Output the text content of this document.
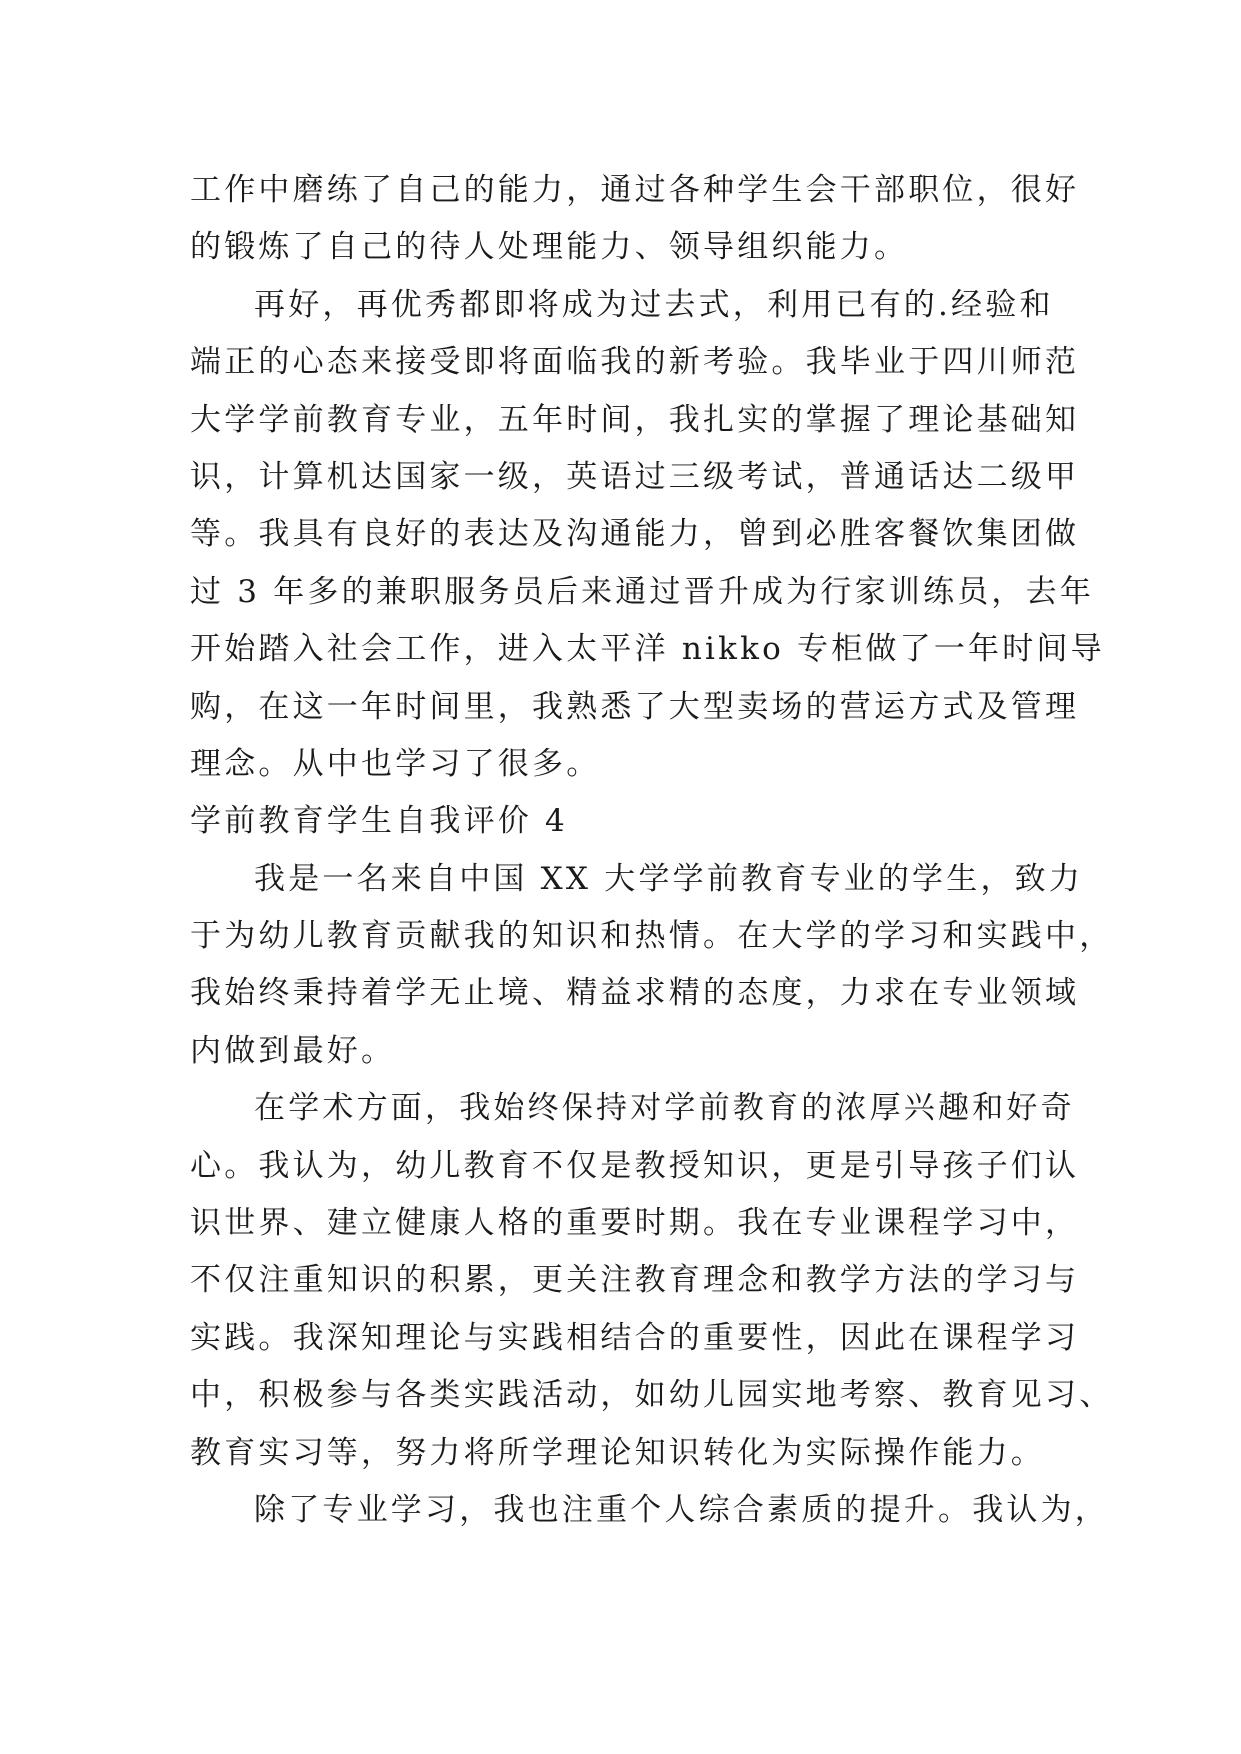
工作中磨练了自己的能力，通过各种学生会干部职位，很好
的锻炼了自己的待人处理能力、领导组织能力。
再好，再优秀都即将成为过去式，利用已有的.经验和
端正的心态来接受即将面临我的新考验。我毕业于四川师范
大学学前教育专业，五年时间，我扎实的掌握了理论基础知
识，计算机达国家一级，英语过三级考试，普通话达二级甲
等。我具有良好的表达及沟通能力，曾到必胜客餐饮集团做
过 3 年多的兼职服务员后来通过晋升成为行家训练员，去年
开始踏入社会工作，进入太平洋 nikko 专柜做了一年时间导
购，在这一年时间里，我熟悉了大型卖场的营运方式及管理
理念。从中也学习了很多。
学前教育学生自我评价 4
我是一名来自中国 XX 大学学前教育专业的学生，致力
于为幼儿教育贡献我的知识和热情。在大学的学习和实践中，
我始终秉持着学无止境、精益求精的态度，力求在专业领域
内做到最好。
在学术方面，我始终保持对学前教育的浓厚兴趣和好奇
心。我认为，幼儿教育不仅是教授知识，更是引导孩子们认
识世界、建立健康人格的重要时期。我在专业课程学习中，
不仅注重知识的积累，更关注教育理念和教学方法的学习与
实践。我深知理论与实践相结合的重要性，因此在课程学习
中，积极参与各类实践活动，如幼儿园实地考察、教育见习、
教育实习等，努力将所学理论知识转化为实际操作能力。
除了专业学习，我也注重个人综合素质的提升。我认为，
